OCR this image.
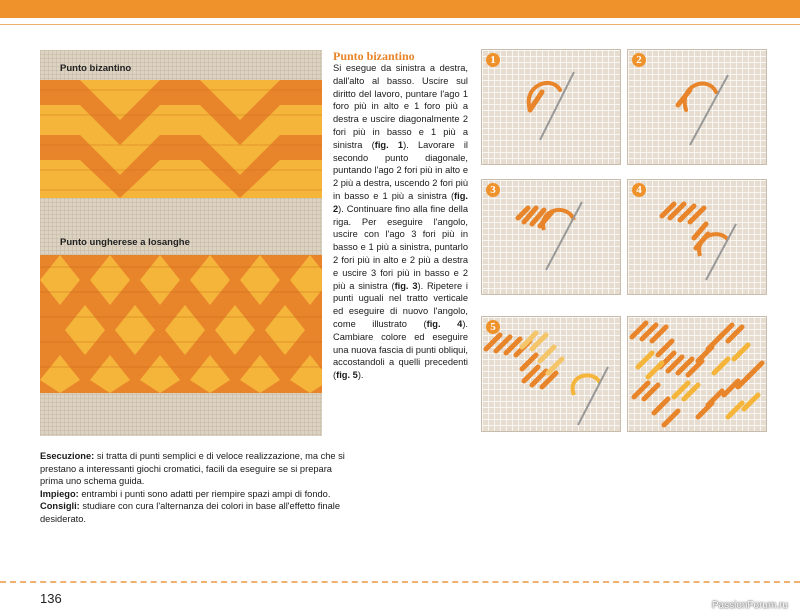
Punto bizantino
Punto ungherese a losanghe

Esecuzione: si tratta di punti semplici e di veloce realizzazione, ma che si prestano a interessanti giochi cromatici, facili da eseguire se si prepara prima uno schema guida.

Impiego: entrambi i punti sono adatti per riempire spazi ampi di fondo.

Consigli: studiare con cura l'alternanza dei colori in base all'effetto finale desiderato.

Punto bizantino
Si esegue da sinistra a destra, dall'alto al basso. Uscire sul diritto del lavoro, puntare l'ago 1 foro più in alto e 1 foro più a destra e uscire diagonalmente 2 fori più in basso e 1 più a sinistra (fig. 1). Lavorare il secondo punto diagonale, puntando l'ago 2 fori più in alto e 2 più a destra, uscendo 2 fori più in basso e 1 più a sinistra (fig. 2). Continuare fino alla fine della riga. Per eseguire l'angolo, uscire con l'ago 3 fori più in basso e 1 più a sinistra, puntarlo 2 fori più in alto e 2 più a destra e uscire 3 fori più in basso e 2 più a sinistra (fig. 3). Ripetere i punti uguali nel tratto verticale ed eseguire di nuovo l'angolo, come illustrato (fig. 4). Cambiare colore ed eseguire una nuova fascia di punti obliqui, accostandoli a quelli precedenti (fig. 5).
1	2
3	4
5
136	PassionForum.ru
